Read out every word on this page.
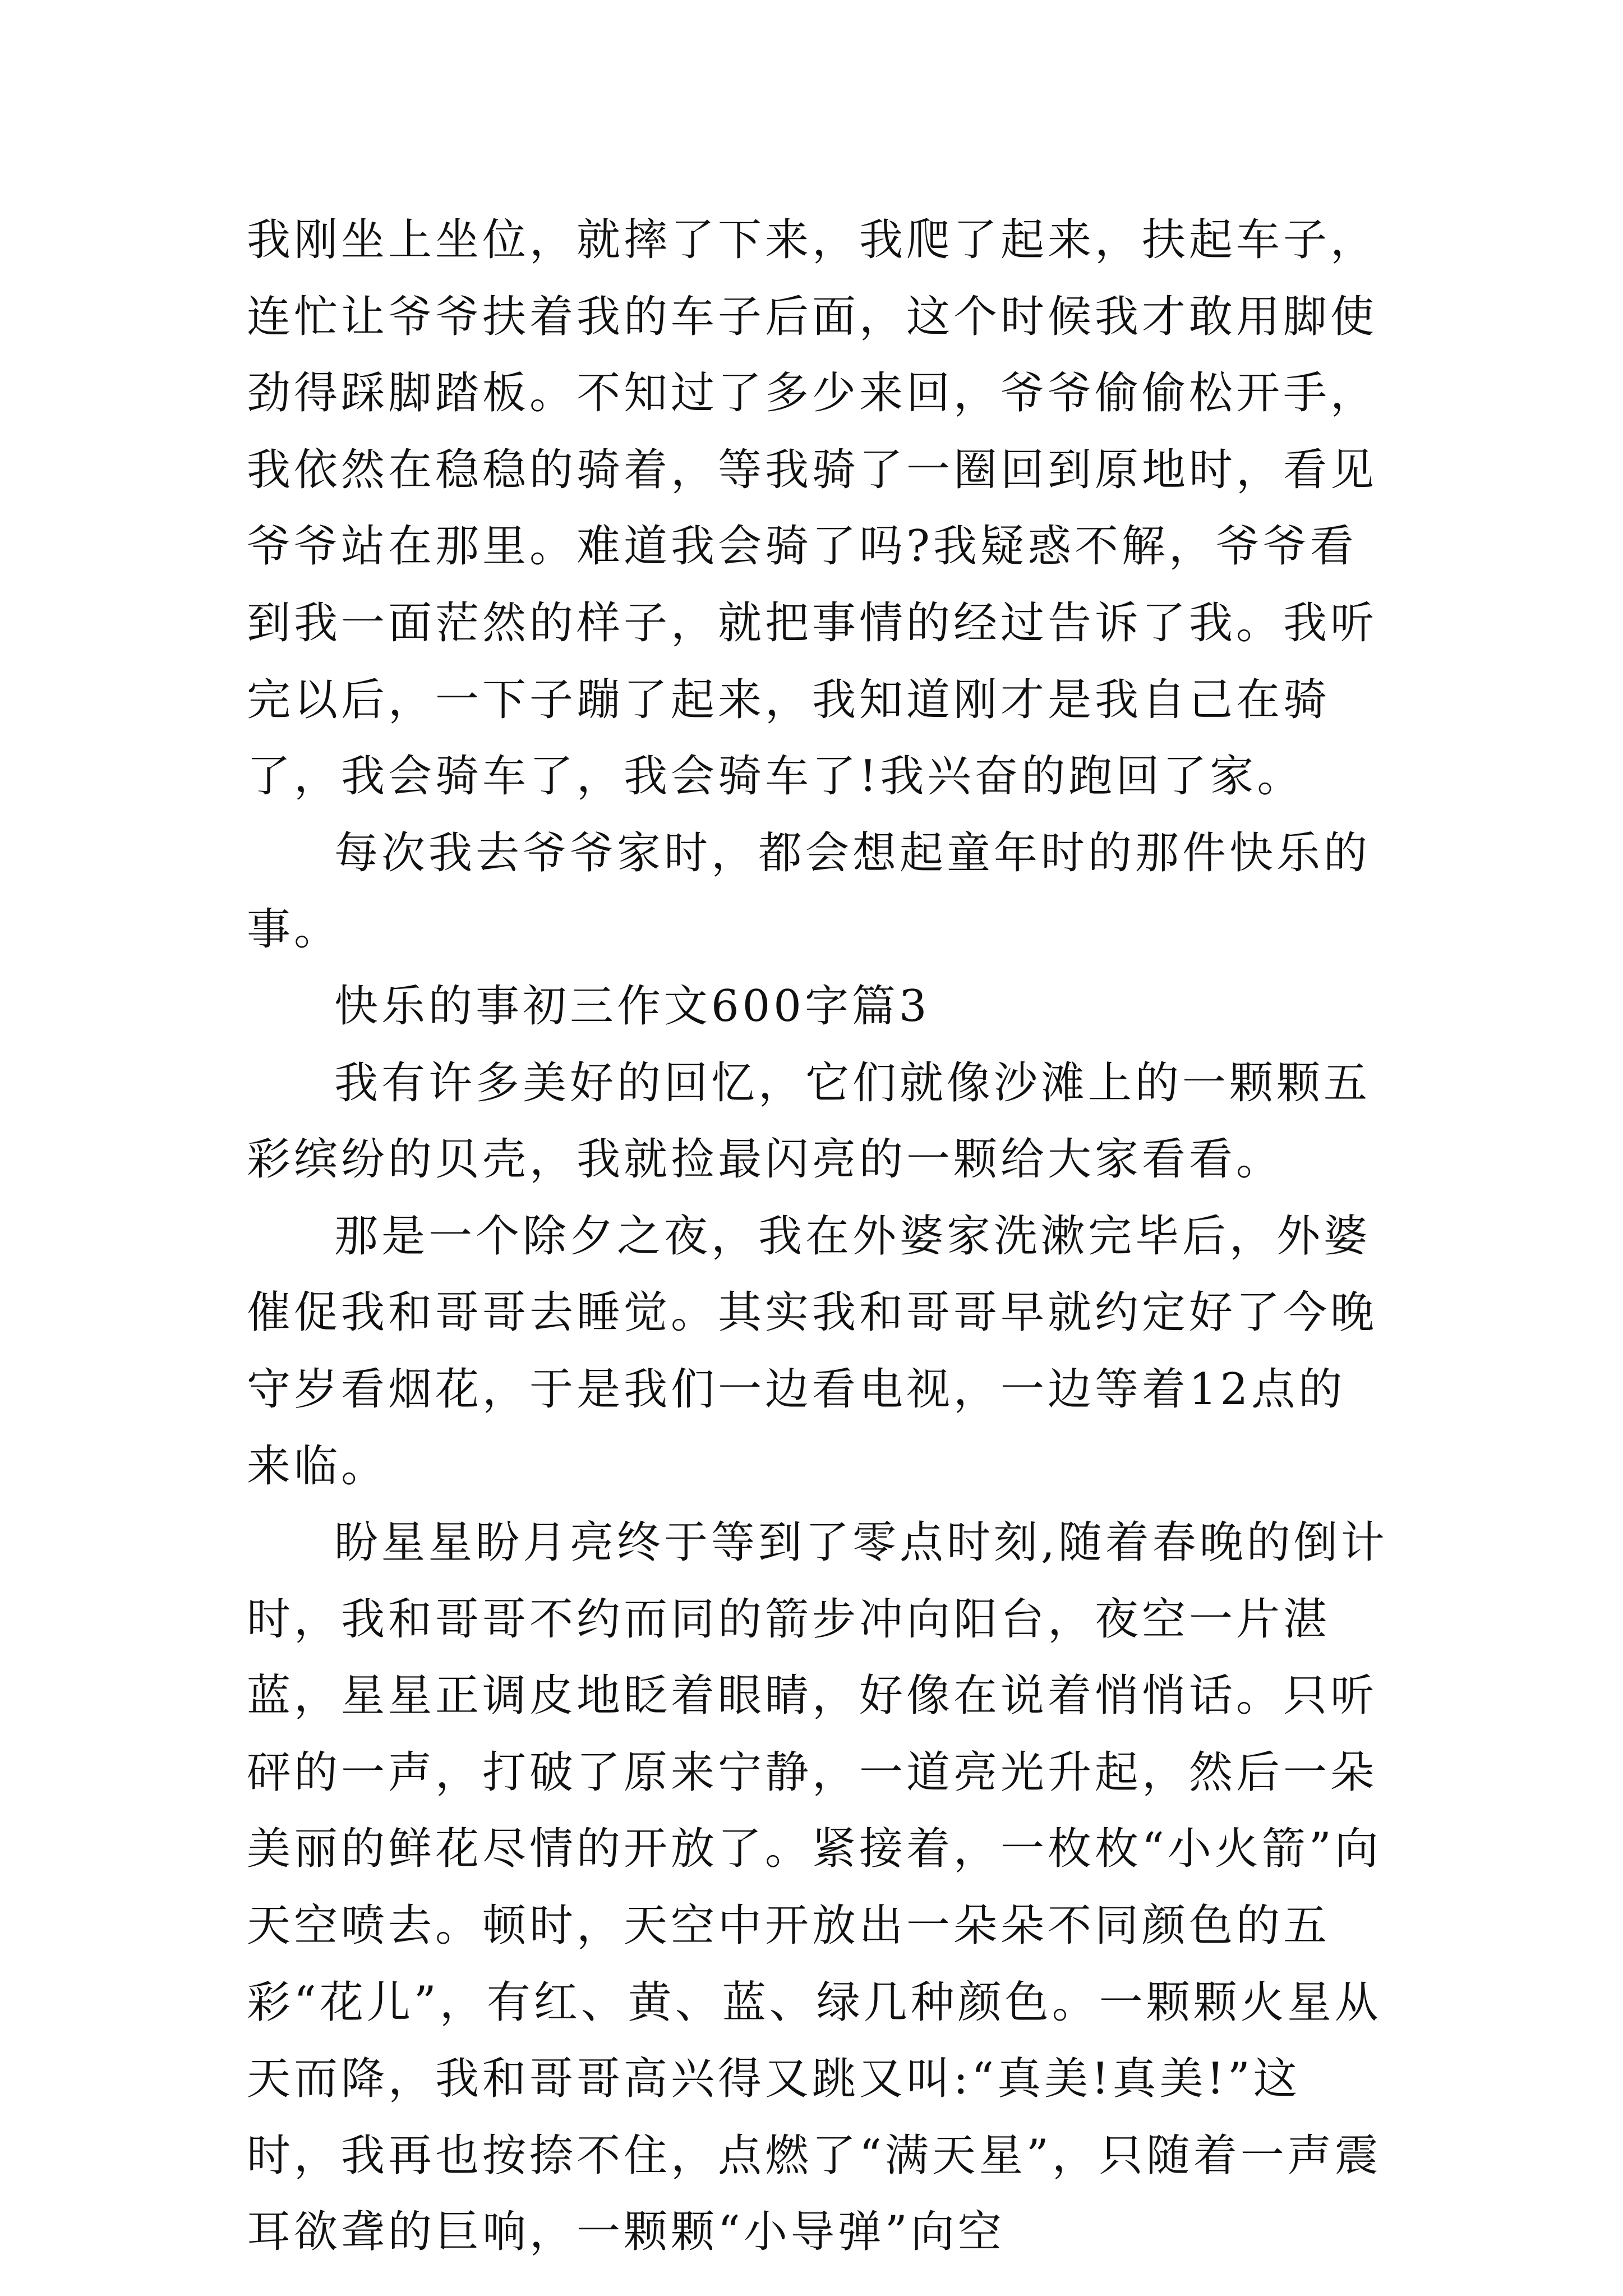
我刚坐上坐位，就摔了下来，我爬了起来，扶起车子，连忙让爷爷扶着我的车子后面，这个时候我才敢用脚使劲得踩脚踏板。不知过了多少来回，爷爷偷偷松开手，我依然在稳稳的骑着，等我骑了一圈回到原地时，看见爷爷站在那里。难道我会骑了吗?我疑惑不解，爷爷看到我一面茫然的样子，就把事情的经过告诉了我。我听完以后，一下子蹦了起来，我知道刚才是我自己在骑了，我会骑车了，我会骑车了!我兴奋的跑回了家。

每次我去爷爷家时，都会想起童年时的那件快乐的事。

快乐的事初三作文600字篇3

我有许多美好的回忆，它们就像沙滩上的一颗颗五彩缤纷的贝壳，我就捡最闪亮的一颗给大家看看。

那是一个除夕之夜，我在外婆家洗漱完毕后，外婆催促我和哥哥去睡觉。其实我和哥哥早就约定好了今晚守岁看烟花，于是我们一边看电视，一边等着12点的来临。

盼星星盼月亮终于等到了零点时刻,随着春晚的倒计时，我和哥哥不约而同的箭步冲向阳台，夜空一片湛蓝，星星正调皮地眨着眼睛，好像在说着悄悄话。只听砰的一声，打破了原来宁静，一道亮光升起，然后一朵美丽的鲜花尽情的开放了。紧接着，一枚枚“小火箭”向天空喷去。顿时，天空中开放出一朵朵不同颜色的五彩“花儿”，有红、黄、蓝、绿几种颜色。一颗颗火星从天而降，我和哥哥高兴得又跳又叫:“真美!真美!”这时，我再也按捺不住，点燃了“满天星”，只随着一声震耳欲聋的巨响，一颗颗“小导弹”向空
